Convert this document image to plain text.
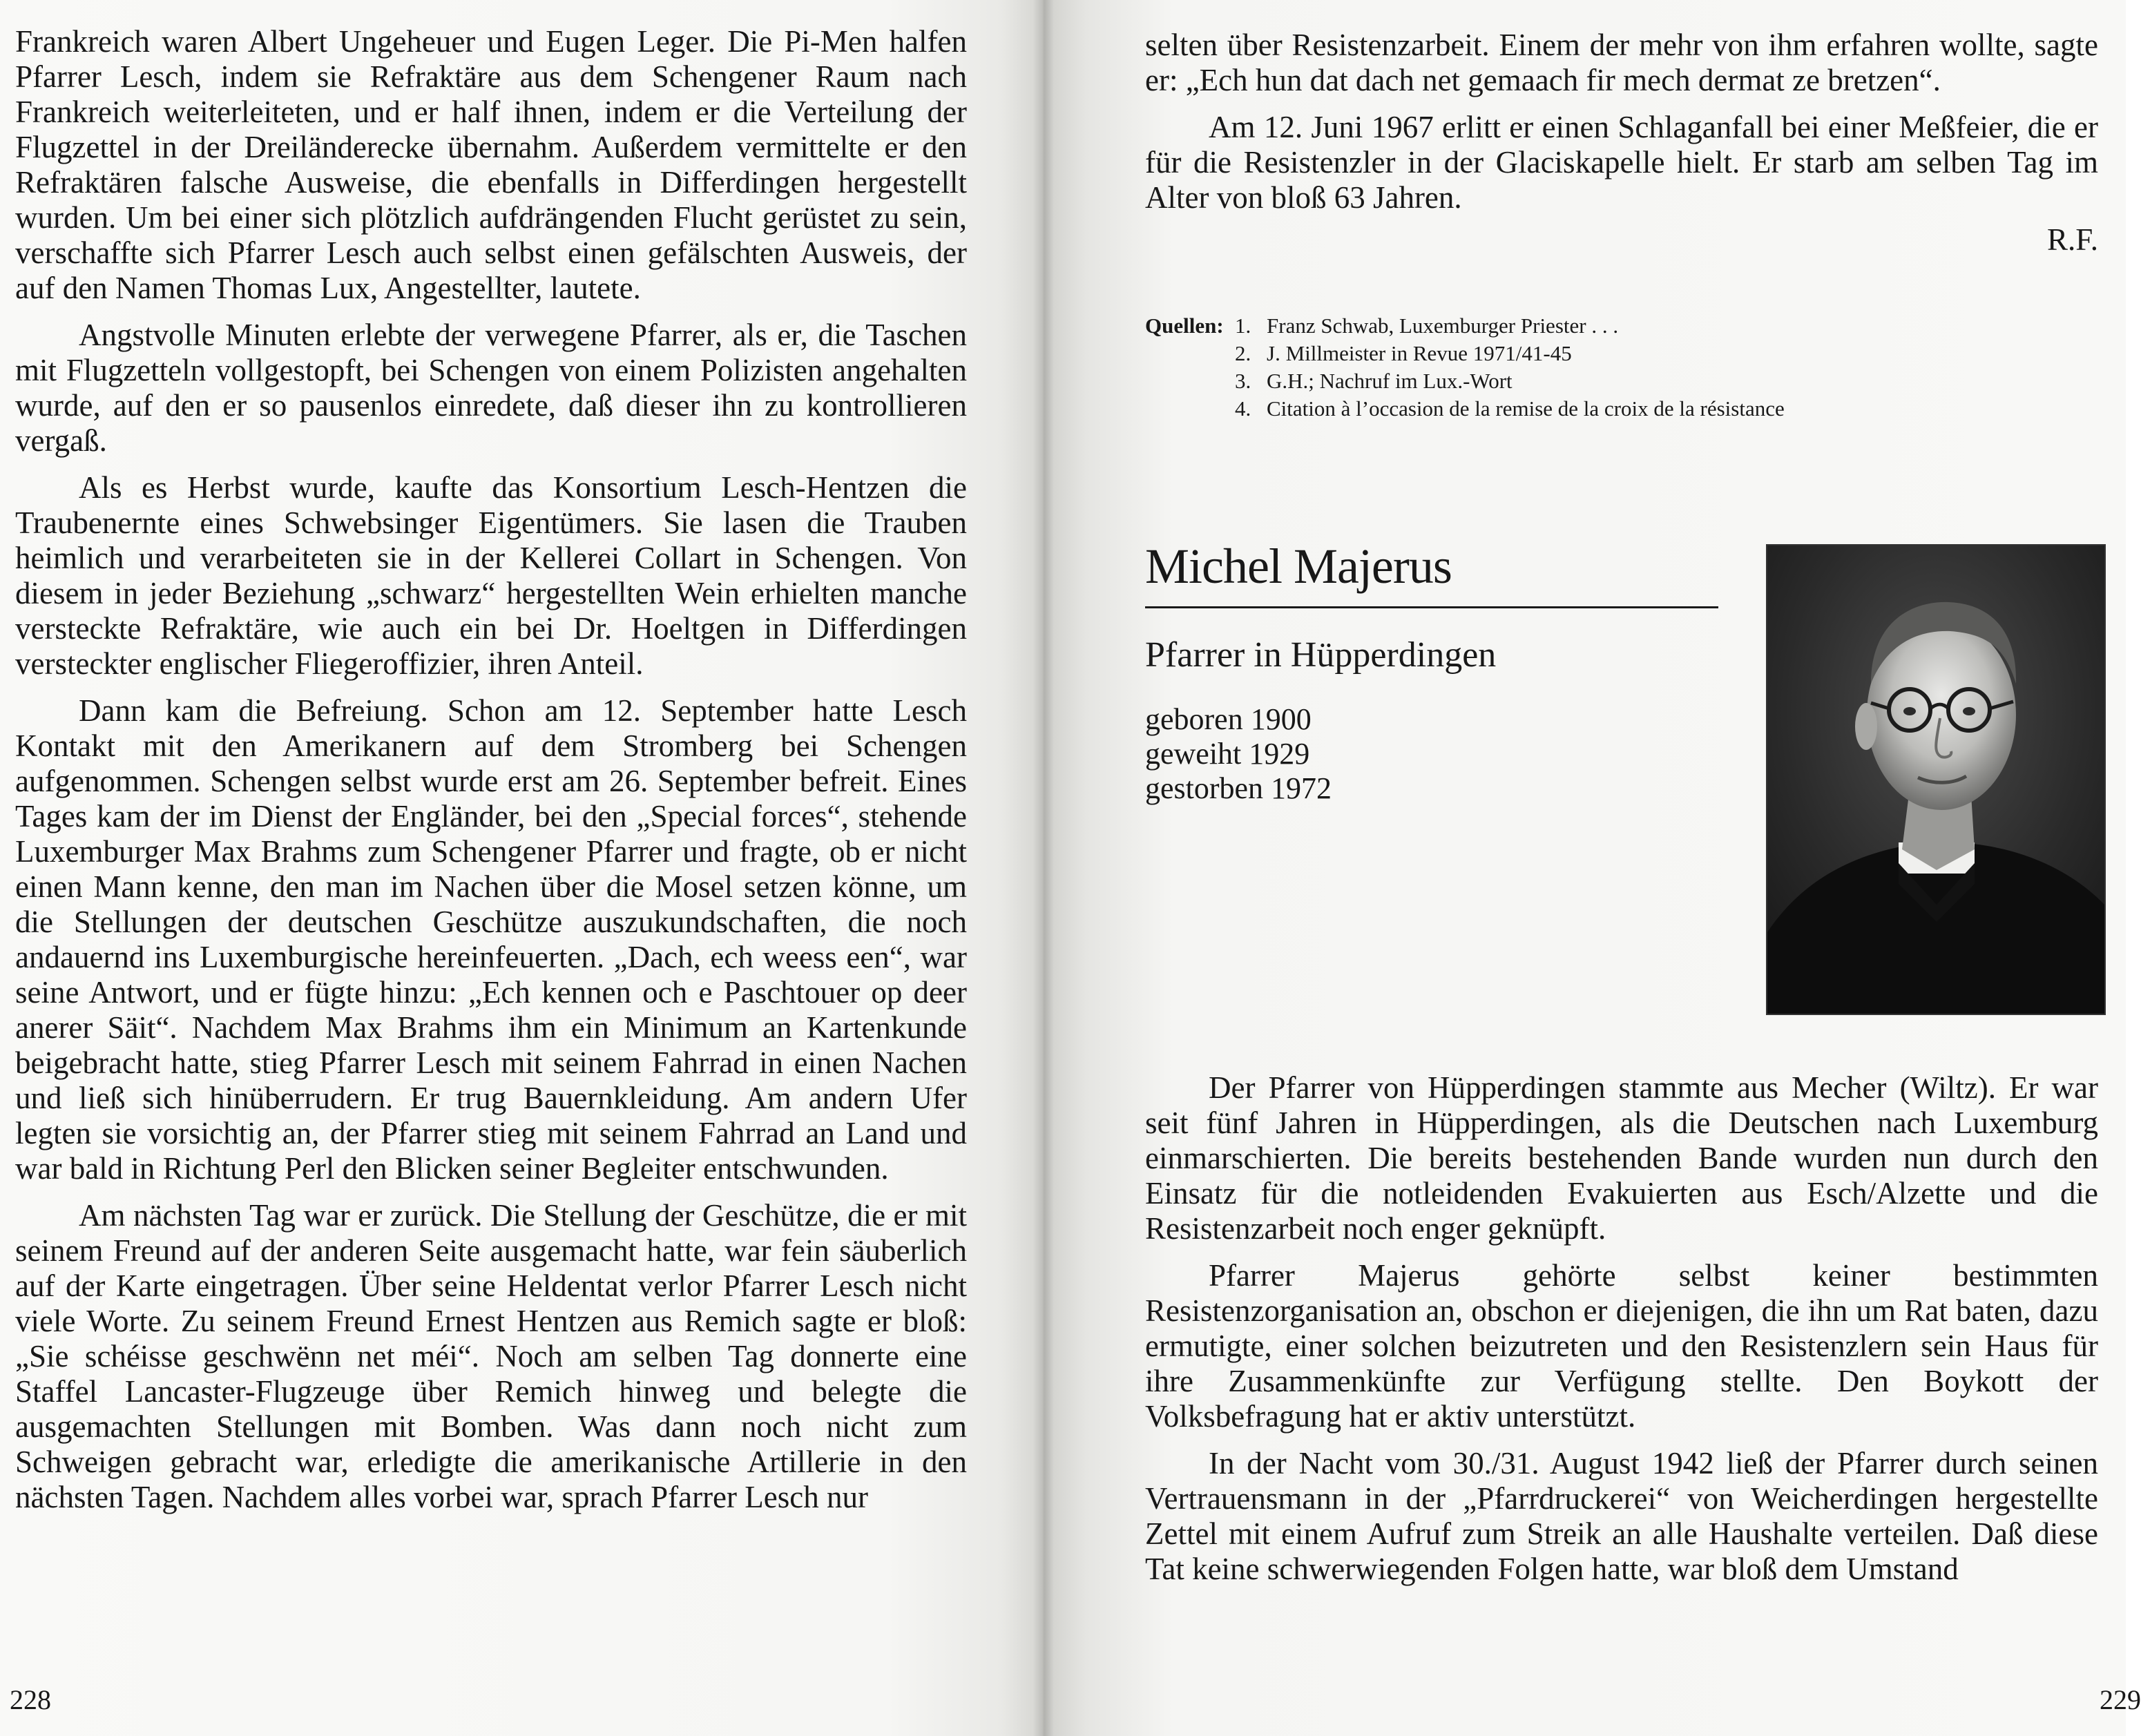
Frankreich waren Albert Ungeheuer und Eugen Leger. Die Pi-Men halfen Pfarrer Lesch, indem sie Refraktäre aus dem Schengener Raum nach Frankreich weiterleiteten, und er half ihnen, indem er die Verteilung der Flugzettel in der Dreiländerecke übernahm. Außerdem vermittelte er den Refraktären falsche Ausweise, die ebenfalls in Differdingen hergestellt wurden. Um bei einer sich plötzlich aufdrängenden Flucht gerüstet zu sein, verschaffte sich Pfarrer Lesch auch selbst einen gefälschten Ausweis, der auf den Namen Thomas Lux, Angestellter, lautete.

Angstvolle Minuten erlebte der verwegene Pfarrer, als er, die Taschen mit Flugzetteln vollgestopft, bei Schengen von einem Polizisten angehalten wurde, auf den er so pausenlos einredete, daß dieser ihn zu kontrollieren vergaß.

Als es Herbst wurde, kaufte das Konsortium Lesch-Hentzen die Traubenernte eines Schwebsinger Eigentümers. Sie lasen die Trauben heimlich und verarbeiteten sie in der Kellerei Collart in Schengen. Von diesem in jeder Beziehung „schwarz“ hergestellten Wein erhielten manche versteckte Refraktäre, wie auch ein bei Dr. Hoeltgen in Differdingen versteckter englischer Fliegeroffizier, ihren Anteil.

Dann kam die Befreiung. Schon am 12. September hatte Lesch Kontakt mit den Amerikanern auf dem Stromberg bei Schengen aufgenommen. Schengen selbst wurde erst am 26. September befreit. Eines Tages kam der im Dienst der Engländer, bei den „Special forces“, stehende Luxemburger Max Brahms zum Schengener Pfarrer und fragte, ob er nicht einen Mann kenne, den man im Nachen über die Mosel setzen könne, um die Stellungen der deutschen Geschütze auszukundschaften, die noch andauernd ins Luxemburgische hereinfeuerten. „Dach, ech weess een“, war seine Antwort, und er fügte hinzu: „Ech kennen och e Paschtouer op deer anerer Säit“. Nachdem Max Brahms ihm ein Minimum an Kartenkunde beigebracht hatte, stieg Pfarrer Lesch mit seinem Fahrrad in einen Nachen und ließ sich hinüberrudern. Er trug Bauernkleidung. Am andern Ufer legten sie vorsichtig an, der Pfarrer stieg mit seinem Fahrrad an Land und war bald in Richtung Perl den Blicken seiner Begleiter entschwunden.

Am nächsten Tag war er zurück. Die Stellung der Geschütze, die er mit seinem Freund auf der anderen Seite ausgemacht hatte, war fein säuberlich auf der Karte eingetragen. Über seine Heldentat verlor Pfarrer Lesch nicht viele Worte. Zu seinem Freund Ernest Hentzen aus Remich sagte er bloß: „Sie schéisse geschwënn net méi“. Noch am selben Tag donnerte eine Staffel Lancaster-Flugzeuge über Remich hinweg und belegte die ausgemachten Stellungen mit Bomben. Was dann noch nicht zum Schweigen gebracht war, erledigte die amerikanische Artillerie in den nächsten Tagen. Nachdem alles vorbei war, sprach Pfarrer Lesch nur

228

selten über Resistenzarbeit. Einem der mehr von ihm erfahren wollte, sagte er: „Ech hun dat dach net gemaach fir mech dermat ze bretzen“.

Am 12. Juni 1967 erlitt er einen Schlaganfall bei einer Meßfeier, die er für die Resistenzler in der Glaciskapelle hielt. Er starb am selben Tag im Alter von bloß 63 Jahren.

R.F.

Quellen: 1. Franz Schwab, Luxemburger Priester . . .
2. J. Millmeister in Revue 1971/41-45
3. G.H.; Nachruf im Lux.-Wort
4. Citation à l’occasion de la remise de la croix de la résistance
Michel Majerus
Pfarrer in Hüpperdingen
geboren 1900
geweiht 1929
gestorben 1972

Der Pfarrer von Hüpperdingen stammte aus Mecher (Wiltz). Er war seit fünf Jahren in Hüpperdingen, als die Deutschen nach Luxemburg einmarschierten. Die bereits bestehenden Bande wurden nun durch den Einsatz für die notleidenden Evakuierten aus Esch/Alzette und die Resistenzarbeit noch enger geknüpft.

Pfarrer Majerus gehörte selbst keiner bestimmten Resistenzorganisation an, obschon er diejenigen, die ihn um Rat baten, dazu ermutigte, einer solchen beizutreten und den Resistenzlern sein Haus für ihre Zusammenkünfte zur Verfügung stellte. Den Boykott der Volksbefragung hat er aktiv unterstützt.

In der Nacht vom 30./31. August 1942 ließ der Pfarrer durch seinen Vertrauensmann in der „Pfarrdruckerei“ von Weicherdingen hergestellte Zettel mit einem Aufruf zum Streik an alle Haushalte verteilen. Daß diese Tat keine schwerwiegenden Folgen hatte, war bloß dem Umstand

229
